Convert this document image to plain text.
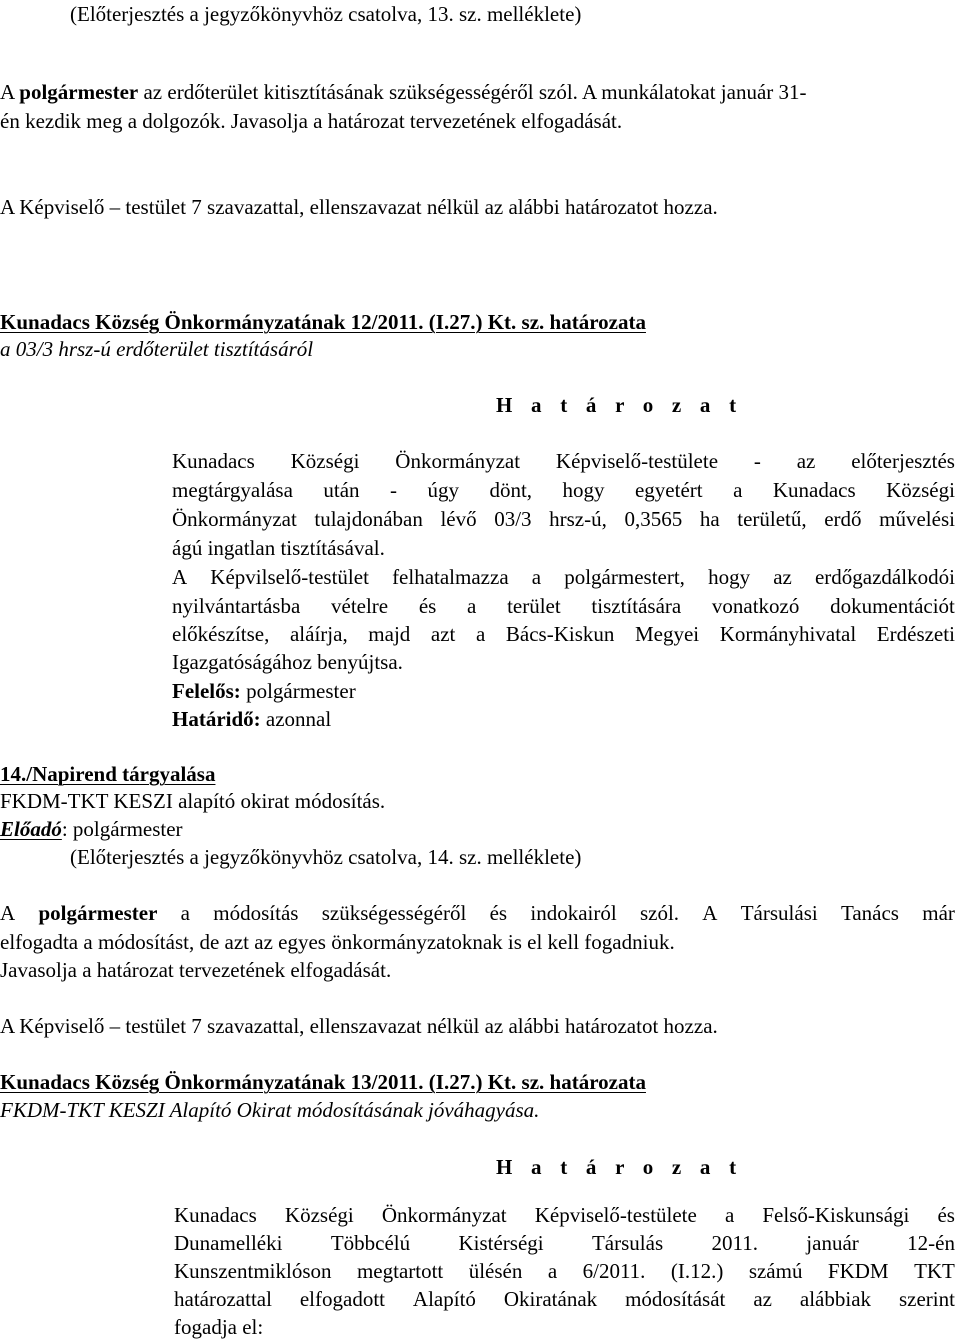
(Előterjesztés a jegyzőkönyvhöz csatolva, 13. sz. melléklete)
A polgármester az erdőterület kitisztításának szükségességéről szól. A munkálatokat január 31-
én kezdik meg a dolgozók. Javasolja a határozat tervezetének elfogadását.
A Képviselő – testület 7 szavazattal, ellenszavazat nélkül az alábbi határozatot hozza.
Kunadacs Község Önkormányzatának 12/2011. (I.27.) Kt. sz. határozata
a 03/3 hrsz-ú erdőterület tisztításáról
H a t á r o z a t
Kunadacs Községi Önkormányzat Képviselő-testülete - az előterjesztés
megtárgyalása után - úgy dönt, hogy egyetért a Kunadacs Községi
Önkormányzat tulajdonában lévő 03/3 hrsz-ú, 0,3565 ha területű, erdő művelési
ágú ingatlan tisztításával.
A Képvilselő-testület felhatalmazza a polgármestert, hogy az erdőgazdálkodói
nyilvántartásba vételre és a terület tisztítására vonatkozó dokumentációt
előkészítse, aláírja, majd azt a Bács-Kiskun Megyei Kormányhivatal Erdészeti
Igazgatóságához benyújtsa.
Felelős: polgármester
Határidő: azonnal
14./Napirend tárgyalása
FKDM-TKT KESZI alapító okirat módosítás.
Előadó: polgármester
(Előterjesztés a jegyzőkönyvhöz csatolva, 14. sz. melléklete)
A polgármester a módosítás szükségességéről és indokairól szól. A Társulási Tanács már
elfogadta a módosítást, de azt az egyes önkormányzatoknak is el kell fogadniuk.
Javasolja a határozat tervezetének elfogadását.
A Képviselő – testület 7 szavazattal, ellenszavazat nélkül az alábbi határozatot hozza.
Kunadacs Község Önkormányzatának 13/2011. (I.27.) Kt. sz. határozata
FKDM-TKT KESZI Alapító Okirat módosításának jóváhagyása.
H a t á r o z a t
Kunadacs Községi Önkormányzat Képviselő-testülete a Felső-Kiskunsági és
Dunamelléki Többcélú Kistérségi Társulás 2011. január 12-én
Kunszentmiklóson megtartott ülésén a 6/2011. (I.12.) számú FKDM TKT
határozattal elfogadott Alapító Okiratának módosítását az alábbiak szerint
fogadja el:
